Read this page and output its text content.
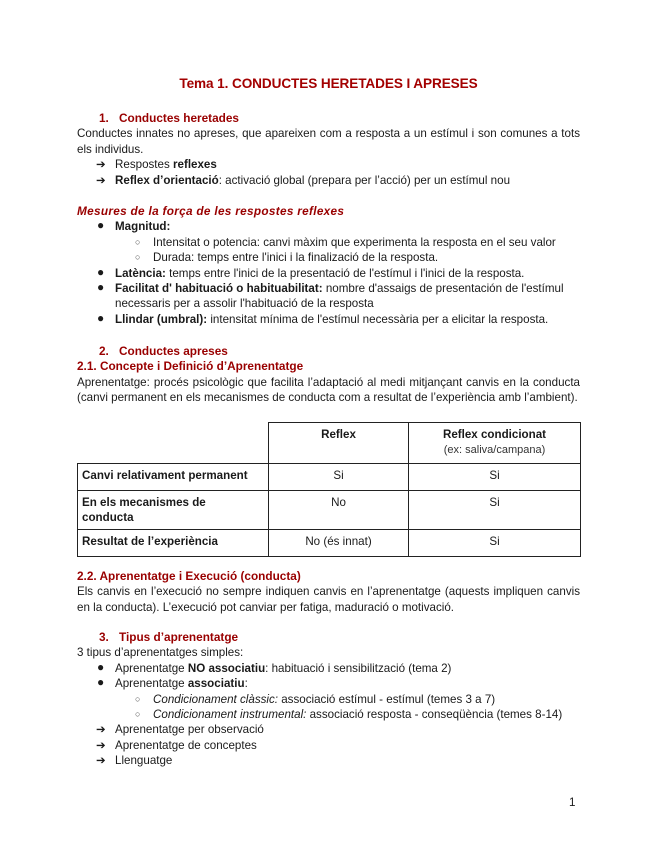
Tema 1. CONDUCTES HERETADES I APRESES
1. Conductes heretades

Conductes innates no apreses, que apareixen com a resposta a un estímul i son comunes a tots els individus.

➔ Respostes reflexes
➔ Reflex d’orientació: activació global (prepara per l’acció) per un estímul nou
Mesures de la força de les respostes reflexes
● Magnitud:
○ Intensitat o potencia: canvi màxim que experimenta la resposta en el seu valor
○ Durada: temps entre l'inici i la finalizació de la resposta.
● Latència: temps entre l'inici de la presentació de l'estímul i l'inici de la resposta.
● Facilitat d' habituació o habituabilitat: nombre d'assaigs de presentación de l'estímul necessaris per a assolir l'habituació de la resposta
● Llindar (umbral): intensitat mínima de l'estímul necessària per a elicitar la resposta.
2. Conductes apreses
2.1. Concepte i Definició d’Aprenentatge

Aprenentatge: procés psicològic que facilita l’adaptació al medi mitjançant canvis en la conducta (canvi permanent en els mecanismes de conducta com a resultat de l’experiència amb l’ambient).

	Reflex	Reflex condicionat
(ex: saliva/campana)
Canvi relativament permanent	Si	Si
En els mecanismes de conducta	No	Si
Resultat de l’experiència	No (és innat)	Si
2.2. Aprenentatge i Execució (conducta)

Els canvis en l’execució no sempre indiquen canvis en l’aprenentatge (aquests impliquen canvis en la conducta). L’execució pot canviar per fatiga, maduració o motivació.

3. Tipus d’aprenentatge

3 tipus d’aprenentatges simples:

● Aprenentatge NO associatiu: habituació i sensibilització (tema 2)
● Aprenentatge associatiu:
○ Condicionament clàssic: associació estímul - estímul (temes 3 a 7)
○ Condicionament instrumental: associació resposta - conseqüència (temes 8-14)
➔ Aprenentatge per observació
➔ Aprenentatge de conceptes
➔ Llenguatge
1
